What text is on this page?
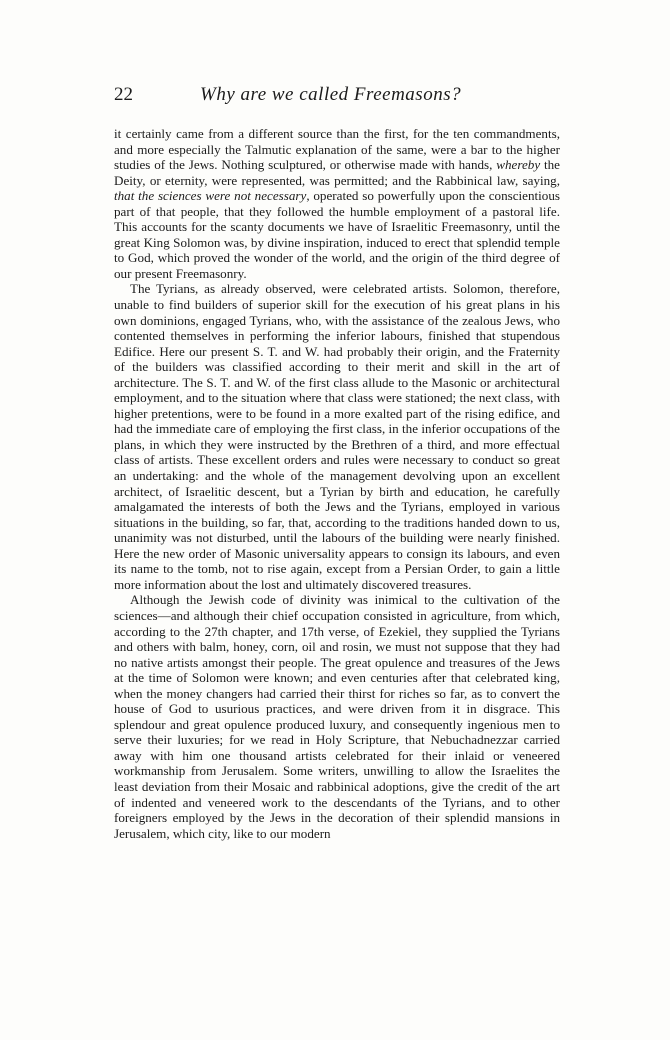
22	Why are we called Freemasons?

it certainly came from a different source than the first, for the ten commandments, and more especially the Talmutic explanation of the same, were a bar to the higher studies of the Jews. Nothing sculptured, or otherwise made with hands, whereby the Deity, or eternity, were represented, was permitted; and the Rabbinical law, saying, that the sciences were not necessary, operated so powerfully upon the conscientious part of that people, that they followed the humble employment of a pastoral life. This accounts for the scanty documents we have of Israelitic Freemasonry, until the great King Solomon was, by divine inspiration, induced to erect that splendid temple to God, which proved the wonder of the world, and the origin of the third degree of our present Freemasonry.

The Tyrians, as already observed, were celebrated artists. Solomon, therefore, unable to find builders of superior skill for the execution of his great plans in his own dominions, engaged Tyrians, who, with the assistance of the zealous Jews, who contented themselves in performing the inferior labours, finished that stupendous Edifice. Here our present S. T. and W. had probably their origin, and the Fraternity of the builders was classified according to their merit and skill in the art of architecture. The S. T. and W. of the first class allude to the Masonic or architectural employment, and to the situation where that class were stationed; the next class, with higher pretentions, were to be found in a more exalted part of the rising edifice, and had the immediate care of employing the first class, in the inferior occupations of the plans, in which they were instructed by the Brethren of a third, and more effectual class of artists. These excellent orders and rules were necessary to conduct so great an undertaking: and the whole of the management devolving upon an excellent architect, of Israelitic descent, but a Tyrian by birth and education, he carefully amalgamated the interests of both the Jews and the Tyrians, employed in various situations in the building, so far, that, according to the traditions handed down to us, unanimity was not disturbed, until the labours of the building were nearly finished. Here the new order of Masonic universality appears to consign its labours, and even its name to the tomb, not to rise again, except from a Persian Order, to gain a little more information about the lost and ultimately discovered treasures.

Although the Jewish code of divinity was inimical to the cultivation of the sciences—and although their chief occupation consisted in agriculture, from which, according to the 27th chapter, and 17th verse, of Ezekiel, they supplied the Tyrians and others with balm, honey, corn, oil and rosin, we must not suppose that they had no native artists amongst their people. The great opulence and treasures of the Jews at the time of Solomon were known; and even centuries after that celebrated king, when the money changers had carried their thirst for riches so far, as to convert the house of God to usurious practices, and were driven from it in disgrace. This splendour and great opulence produced luxury, and consequently ingenious men to serve their luxuries; for we read in Holy Scripture, that Nebuchadnezzar carried away with him one thousand artists celebrated for their inlaid or veneered workmanship from Jerusalem. Some writers, unwilling to allow the Israelites the least deviation from their Mosaic and rabbinical adoptions, give the credit of the art of indented and veneered work to the descendants of the Tyrians, and to other foreigners employed by the Jews in the decoration of their splendid mansions in Jerusalem, which city, like to our modern
